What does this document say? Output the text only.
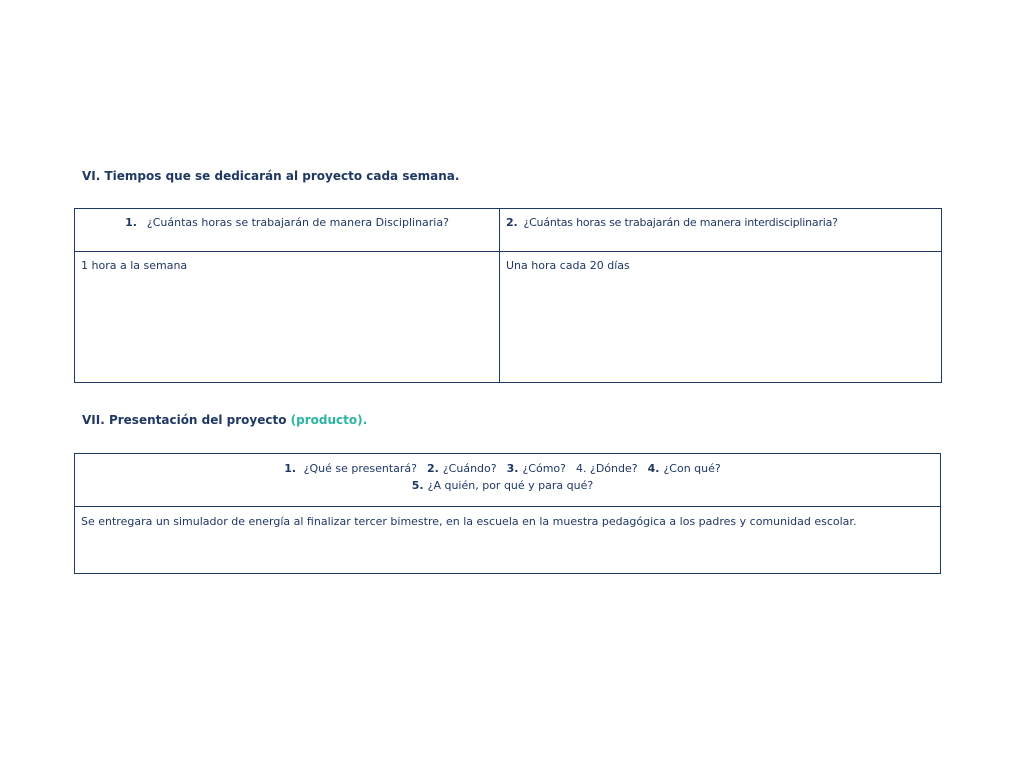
VI. Tiempos que se dedicarán al proyecto cada semana.
1. ¿Cuántas horas se trabajarán de manera Disciplinaria?	2. ¿Cuántas horas se trabajarán de manera interdisciplinaria?
1 hora a la semana	Una hora cada 20 días
VII. Presentación del proyecto (producto).
1. ¿Qué se presentará? 2. ¿Cuándo? 3. ¿Cómo? 4. ¿Dónde? 4. ¿Con qué?
5. ¿A quién, por qué y para qué?
Se entregara un simulador de energía al finalizar tercer bimestre, en la escuela en la muestra pedagógica a los padres y comunidad escolar.
